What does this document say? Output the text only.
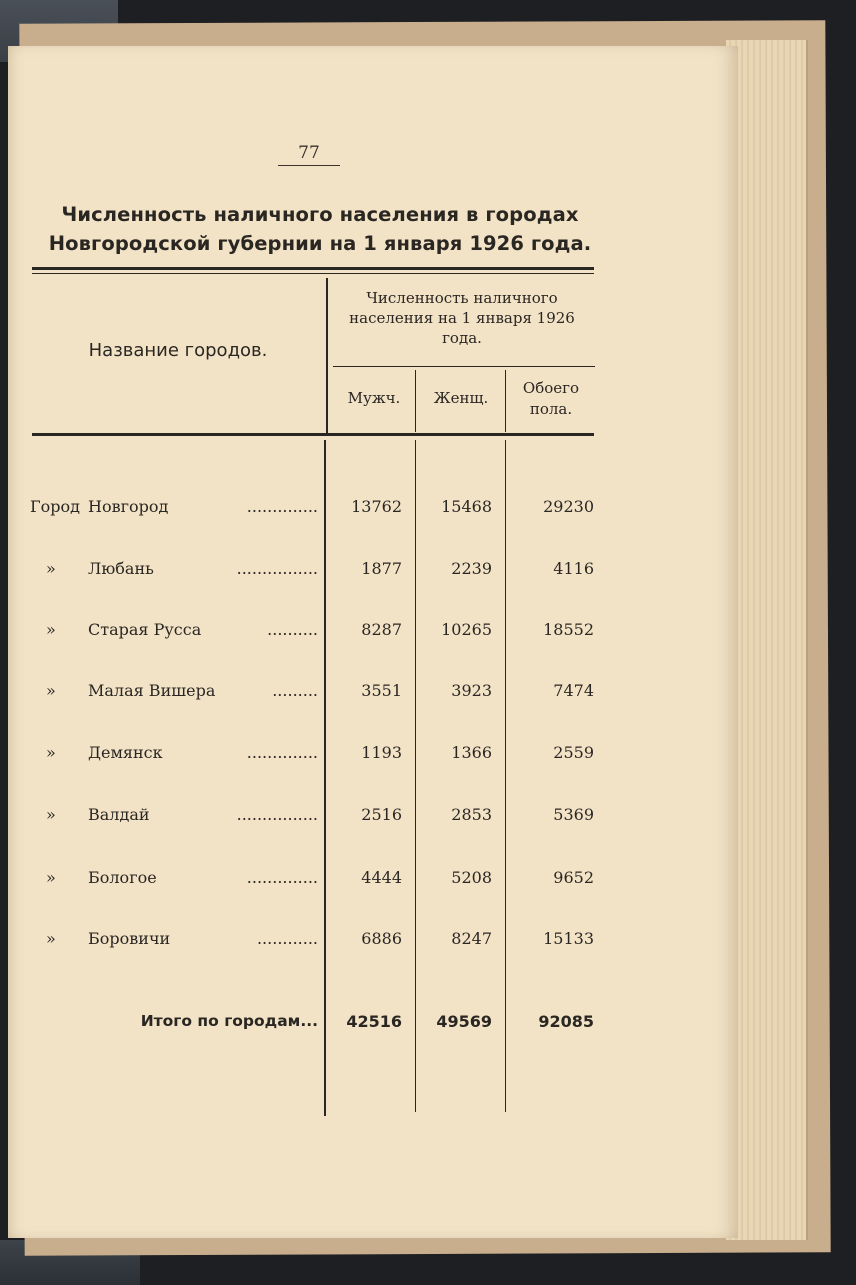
77
Численность наличного населения в городах Новгородской губернии на 1 января 1926 года.
Название городов.
Численность наличного населения на 1 января 1926 года.
Мужч.	Женщ.
Обоего пола.
Город Новгород	..............	13762	15468	29230
»	Любань	................	1877	2239	4116
»	Старая Русса	..........	8287	10265	18552
»	Малая Вишера	.........	3551	3923	7474
»	Демянск	..............	1193	1366	2559
»	Валдай	................	2516	2853	5369
»	Бологое	..............	4444	5208	9652
»	Боровичи	............	6886	8247	15133
Итого по городам...	42516	49569	92085
